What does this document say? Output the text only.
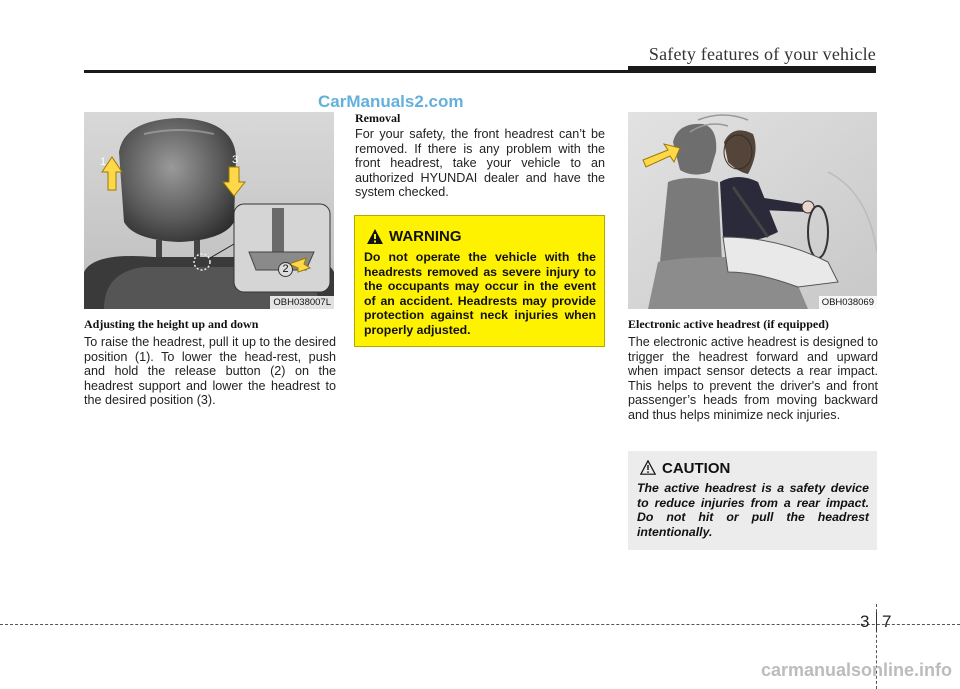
Safety features of your vehicle
CarManuals2.com
1	3
2
OBH038007L
Adjusting the height up and down
To raise the headrest, pull it up to the desired position (1). To lower the head-rest, push and hold the release button (2) on the headrest support and lower the headrest to the desired position (3).
Removal
For your safety, the front headrest can’t be removed. If there is any problem with the front headrest, take your vehicle to an authorized HYUNDAI dealer and have the system checked.
WARNING
Do not operate the vehicle with the headrests removed as severe injury to the occupants may occur in the event of an accident. Headrests may provide protection against neck injuries when properly adjusted.
OBH038069
Electronic active headrest (if equipped)
The electronic active headrest is designed to trigger the headrest forward and upward when impact sensor detects a rear impact. This helps to prevent the driver's and front passenger’s heads from moving backward and thus helps minimize neck injuries.
CAUTION
The active headrest is a safety device to reduce injuries from a rear impact. Do not hit or pull the headrest intentionally.
3 7
carmanualsonline.info
